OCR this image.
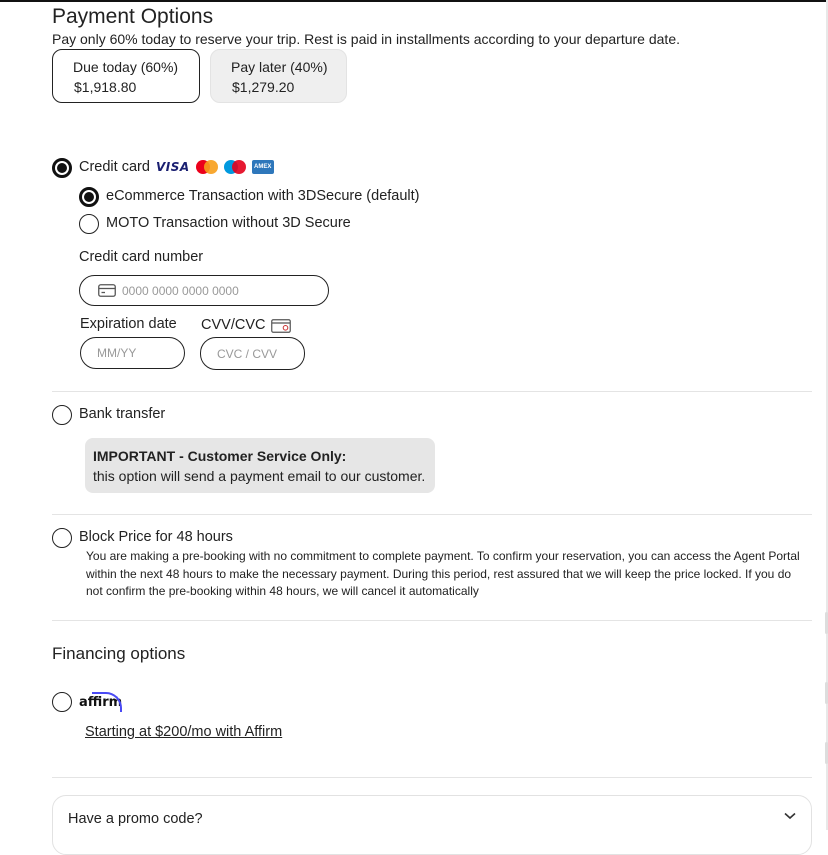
Payment Options
Pay only 60% today to reserve your trip. Rest is paid in installments according to your departure date.
Due today (60%)
$1,918.80
Pay later (40%)
$1,279.20
Credit card VISA	AMEX
eCommerce Transaction with 3DSecure (default)
MOTO Transaction without 3D Secure
Credit card number
0000 0000 0000 0000
Expiration date CVV/CVC
MM/YY	CVC / CVV
Bank transfer
IMPORTANT - Customer Service Only:
this option will send a payment email to our customer.
Block Price for 48 hours
You are making a pre-booking with no commitment to complete payment. To confirm your reservation, you can access the Agent Portal within the next 48 hours to make the necessary payment. During this period, rest assured that we will keep the price locked. If you do not confirm the pre-booking within 48 hours, we will cancel it automatically
Financing options
affirm
Starting at $200/mo with Affirm
Have a promo code?
